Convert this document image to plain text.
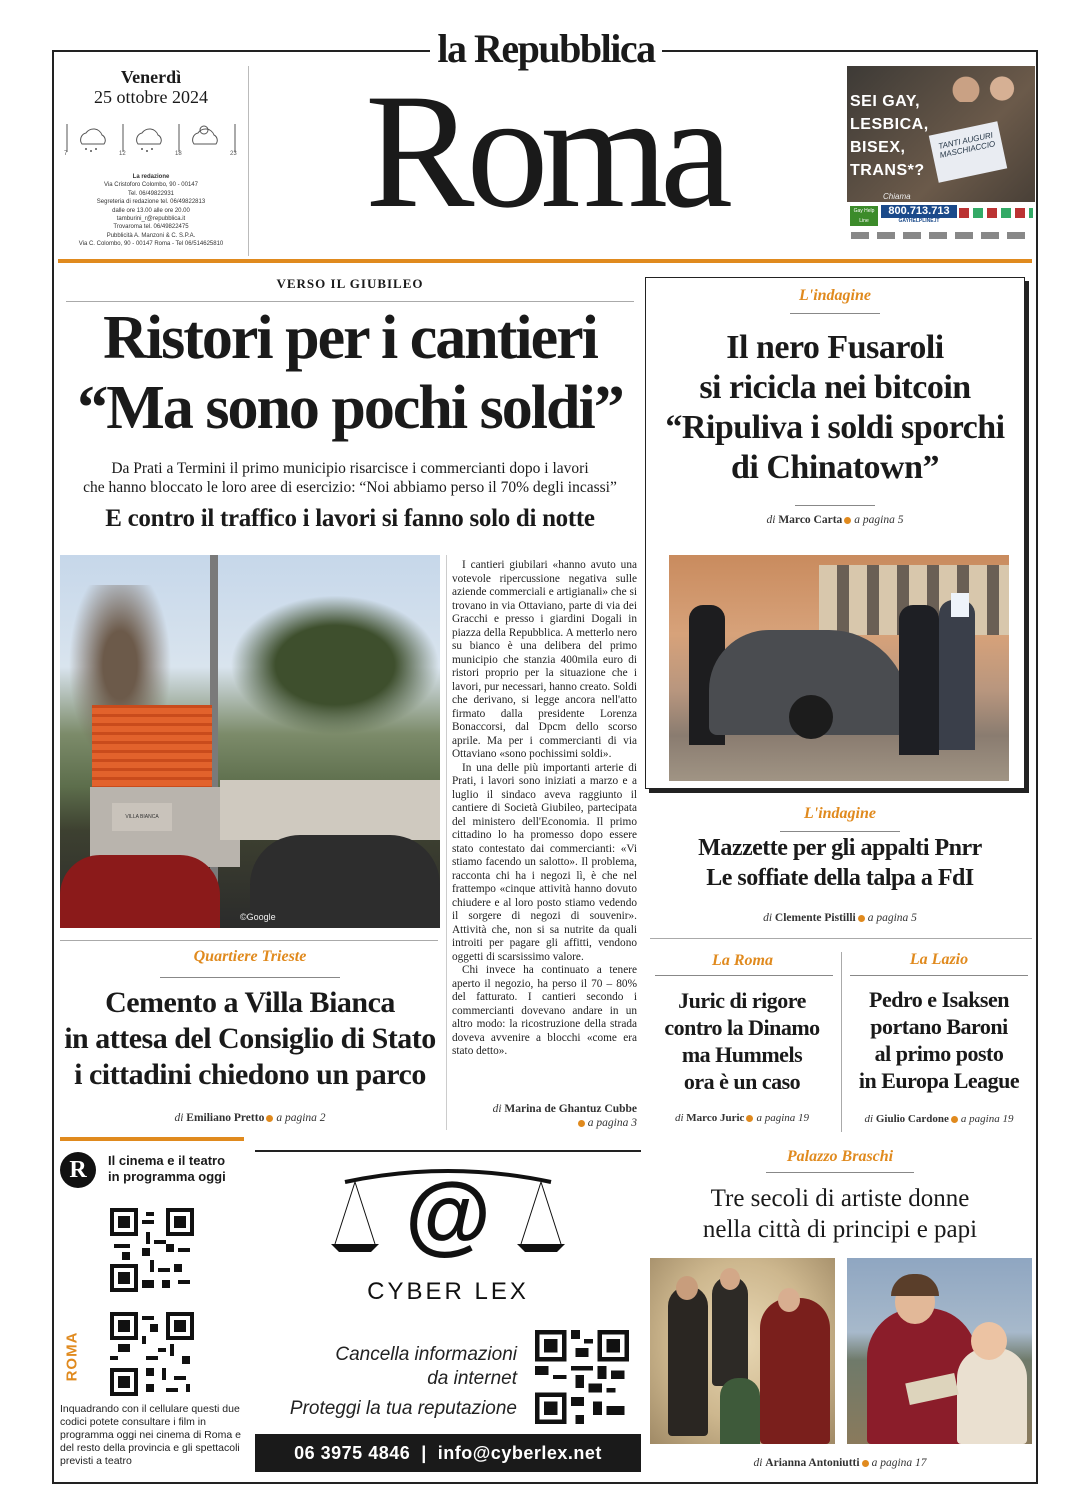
la Repubblica
Venerdì
25 ottobre 2024
7	12	18	23
La redazione
Via Cristoforo Colombo, 90 - 00147
Tel. 06/49822931
Segreteria di redazione tel. 06/49822813
dalle ore 13.00 alle ore 20.00
tamburini_r@repubblica.it
Trovaroma tel. 06/49822475
Pubblicità A. Manzoni & C. S.P.A.
Via C. Colombo, 90 - 00147 Roma - Tel 06/514625810
Roma	SEI GAY,
LESBICA,
BISEX,
TRANS*?
TANTI AUGURI MASCHIACCIO
Chiama
Gay Help Line
800.713.713
GAYHELPLINE.IT
VERSO IL GIUBILEO
Ristori per i cantieri
“Ma sono pochi soldi”
Da Prati a Termini il primo municipio risarcisce i commercianti dopo i lavori
che hanno bloccato le loro aree di esercizio: “Noi abbiamo perso il 70% degli incassi”
E contro il traffico i lavori si fanno solo di notte
VILLA BIANCA
©Google

I cantieri giubilari «hanno avuto una votevole ripercussione negativa sulle aziende commerciali e artigianali» che si trovano in via Ottaviano, parte di via dei Gracchi e presso i giardini Dogali in piazza della Repubblica. A metterlo nero su bianco è una delibera del primo municipio che stanzia 400mila euro di ristori proprio per la situazione che i lavori, pur necessari, hanno creato. Soldi che derivano, si legge ancora nell'atto firmato dalla presidente Lorenza Bonaccorsi, dal Dpcm dello scorso aprile. Ma per i commercianti di via Ottaviano «sono pochissimi soldi».

In una delle più importanti arterie di Prati, i lavori sono iniziati a marzo e a luglio il sindaco aveva raggiunto il cantiere di Società Giubileo, partecipata del ministero dell'Economia. Il primo cittadino lo ha promesso dopo essere stato contestato dai commercianti: «Vi stiamo facendo un salotto». Il problema, racconta chi ha i negozi lì, è che nel frattempo «cinque attività hanno dovuto chiudere e al loro posto stiamo vedendo il sorgere di negozi di souvenir». Attività che, non si sa nutrite da quali introiti per pagare gli affitti, vendono oggetti di scarsissimo valore.

Chi invece ha continuato a tenere aperto il negozio, ha perso il 70 – 80% del fatturato. I cantieri secondo i commercianti dovevano andare in un altro modo: la ricostruzione della strada doveva avvenire a blocchi «come era stato detto».

di Marina de Ghantuz Cubbe
a pagina 3
Quartiere Trieste
Cemento a Villa Bianca
in attesa del Consiglio di Stato
i cittadini chiedono un parco
di Emiliano Pretto a pagina 2
L'indagine
Il nero Fusaroli
si ricicla nei bitcoin
“Ripuliva i soldi sporchi
di Chinatown”
di Marco Carta a pagina 5
L'indagine
Mazzette per gli appalti Pnrr
Le soffiate della talpa a FdI
di Clemente Pistilli a pagina 5
La Roma
Juric di rigore
contro la Dinamo
ma Hummels
ora è un caso
di Marco Juric a pagina 19
La Lazio
Pedro e Isaksen
portano Baroni
al primo posto
in Europa League
di Giulio Cardone a pagina 19
R	Il cinema e il teatro
in programma oggi
ROMA
Inquadrando con il cellulare questi due codici potete consultare i film in programma oggi nei cinema di Roma e del resto della provincia e gli spettacoli previsti a teatro
@
CYBER LEX
Cancella informazioni
da internet
Proteggi la tua reputazione
06 3975 4846  |  info@cyberlex.net
Palazzo Braschi
Tre secoli di artiste donne
nella città di principi e papi
di Arianna Antoniutti a pagina 17
